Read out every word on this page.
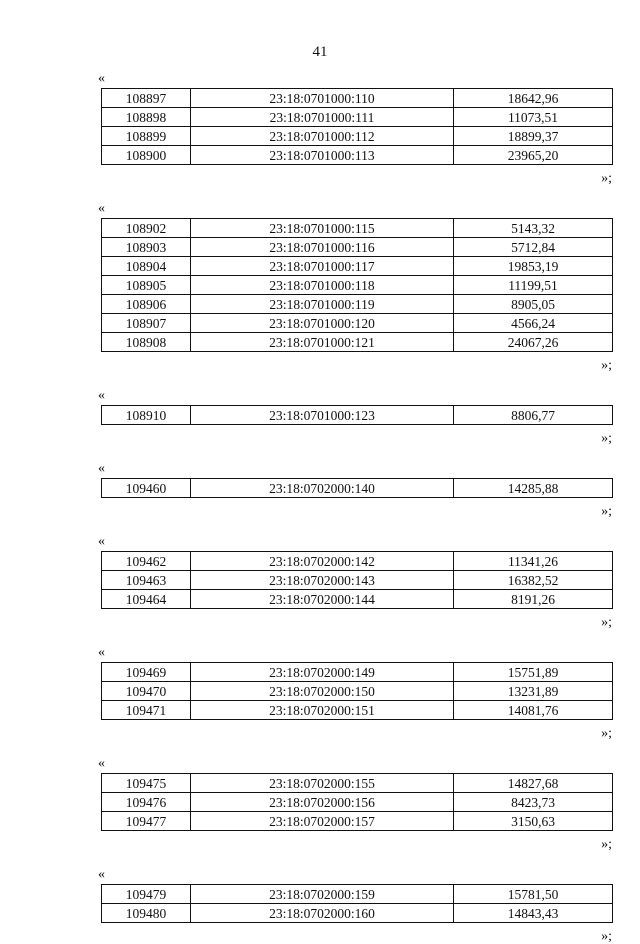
41
«
108897	23:18:0701000:110	18642,96
108898	23:18:0701000:111	11073,51
108899	23:18:0701000:112	18899,37
108900	23:18:0701000:113	23965,20
»;
«
108902	23:18:0701000:115	5143,32
108903	23:18:0701000:116	5712,84
108904	23:18:0701000:117	19853,19
108905	23:18:0701000:118	11199,51
108906	23:18:0701000:119	8905,05
108907	23:18:0701000:120	4566,24
108908	23:18:0701000:121	24067,26
»;
«
108910	23:18:0701000:123	8806,77
»;
«
109460	23:18:0702000:140	14285,88
»;
«
109462	23:18:0702000:142	11341,26
109463	23:18:0702000:143	16382,52
109464	23:18:0702000:144	8191,26
»;
«
109469	23:18:0702000:149	15751,89
109470	23:18:0702000:150	13231,89
109471	23:18:0702000:151	14081,76
»;
«
109475	23:18:0702000:155	14827,68
109476	23:18:0702000:156	8423,73
109477	23:18:0702000:157	3150,63
»;
«
109479	23:18:0702000:159	15781,50
109480	23:18:0702000:160	14843,43
»;
